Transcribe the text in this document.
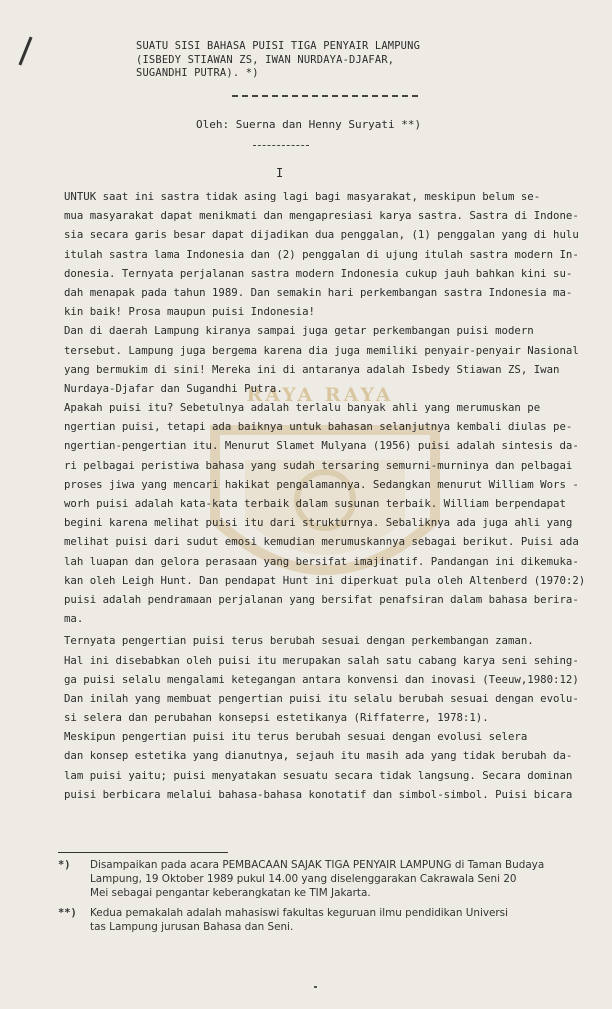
SUATU SISI BAHASA PUISI TIGA PENYAIR LAMPUNG
(ISBEDY STIAWAN ZS, IWAN NURDAYA-DJAFAR,
SUGANDHI PUTRA). *)
Oleh: Suerna dan Henny Suryati **)
I
RAYA RAYA
UNTUK saat ini sastra tidak asing lagi bagi masyarakat, meskipun belum se-
mua masyarakat dapat menikmati dan mengapresiasi karya sastra. Sastra di Indone-
sia secara garis besar dapat dijadikan dua penggalan, (1) penggalan yang di hulu
itulah sastra lama Indonesia dan (2) penggalan di ujung itulah sastra modern In-
donesia. Ternyata perjalanan sastra modern Indonesia cukup jauh bahkan kini su-
dah menapak pada tahun 1989. Dan semakin hari perkembangan sastra Indonesia ma-
kin baik! Prosa maupun puisi Indonesia!
Dan di daerah Lampung kiranya sampai juga getar perkembangan puisi modern
tersebut. Lampung juga bergema karena dia juga memiliki penyair-penyair Nasional
yang bermukim di sini! Mereka ini di antaranya adalah Isbedy Stiawan ZS, Iwan
Nurdaya-Djafar dan Sugandhi Putra.
Apakah puisi itu? Sebetulnya adalah terlalu banyak ahli yang merumuskan pe
ngertian puisi, tetapi ada baiknya untuk bahasan selanjutnya kembali diulas pe-
ngertian-pengertian itu. Menurut Slamet Mulyana (1956) puisi adalah sintesis da-
ri pelbagai peristiwa bahasa yang sudah tersaring semurni-murninya dan pelbagai
proses jiwa yang mencari hakikat pengalamannya. Sedangkan menurut William Wors -
worh puisi adalah kata-kata terbaik dalam susunan terbaik. William berpendapat
begini karena melihat puisi itu dari strukturnya. Sebaliknya ada juga ahli yang
melihat puisi dari sudut emosi kemudian merumuskannya sebagai berikut. Puisi ada
lah luapan dan gelora perasaan yang bersifat imajinatif. Pandangan ini dikemuka-
kan oleh Leigh Hunt. Dan pendapat Hunt ini diperkuat pula oleh Altenberd (1970:2)
puisi adalah pendramaan perjalanan yang bersifat penafsiran dalam bahasa berira-
ma.
Ternyata pengertian puisi terus berubah sesuai dengan perkembangan zaman.
Hal ini disebabkan oleh puisi itu merupakan salah satu cabang karya seni sehing-
ga puisi selalu mengalami ketegangan antara konvensi dan inovasi (Teeuw,1980:12)
Dan inilah yang membuat pengertian puisi itu selalu berubah sesuai dengan evolu-
si selera dan perubahan konsepsi estetikanya (Riffaterre, 1978:1).
Meskipun pengertian puisi itu terus berubah sesuai dengan evolusi selera
dan konsep estetika yang dianutnya, sejauh itu masih ada yang tidak berubah da-
lam puisi yaitu; puisi menyatakan sesuatu secara tidak langsung. Secara dominan
puisi berbicara melalui bahasa-bahasa konotatif dan simbol-simbol. Puisi bicara
*) Disampaikan pada acara PEMBACAAN SAJAK TIGA PENYAIR LAMPUNG di Taman Budaya
Lampung, 19 Oktober 1989 pukul 14.00 yang diselenggarakan Cakrawala Seni 20
Mei sebagai pengantar keberangkatan ke TIM Jakarta.
**) Kedua pemakalah adalah mahasiswi fakultas keguruan ilmu pendidikan Universi
tas Lampung jurusan Bahasa dan Seni.
